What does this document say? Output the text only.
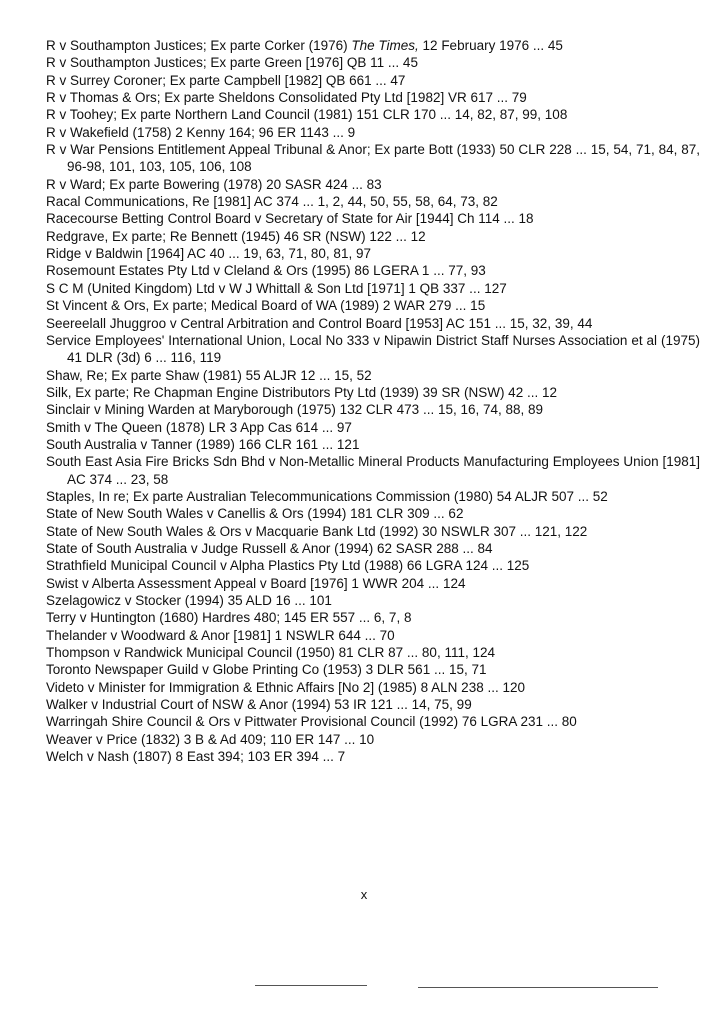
R v Southampton Justices; Ex parte Corker (1976) The Times, 12 February 1976 ... 45

R v Southampton Justices; Ex parte Green [1976] QB 11 ... 45

R v Surrey Coroner; Ex parte Campbell [1982] QB 661 ... 47

R v Thomas & Ors; Ex parte Sheldons Consolidated Pty Ltd [1982] VR 617 ... 79

R v Toohey; Ex parte Northern Land Council (1981) 151 CLR 170 ... 14, 82, 87, 99, 108

R v Wakefield (1758) 2 Kenny 164; 96 ER 1143 ... 9

R v War Pensions Entitlement Appeal Tribunal & Anor; Ex parte Bott (1933) 50 CLR 228 ... 15, 54, 71, 84, 87, 96-98, 101, 103, 105, 106, 108

R v Ward; Ex parte Bowering (1978) 20 SASR 424 ... 83

Racal Communications, Re [1981] AC 374 ... 1, 2, 44, 50, 55, 58, 64, 73, 82

Racecourse Betting Control Board v Secretary of State for Air [1944] Ch 114 ... 18

Redgrave, Ex parte; Re Bennett (1945) 46 SR (NSW) 122 ... 12

Ridge v Baldwin [1964] AC 40 ... 19, 63, 71, 80, 81, 97

Rosemount Estates Pty Ltd v Cleland & Ors (1995) 86 LGERA 1 ... 77, 93

S C M (United Kingdom) Ltd v W J Whittall & Son Ltd [1971] 1 QB 337 ... 127

St Vincent & Ors, Ex parte; Medical Board of WA (1989) 2 WAR 279 ... 15

Seereelall Jhuggroo v Central Arbitration and Control Board [1953] AC 151 ... 15, 32, 39, 44

Service Employees' International Union, Local No 333 v Nipawin District Staff Nurses Association et al (1975) 41 DLR (3d) 6 ... 116, 119

Shaw, Re; Ex parte Shaw (1981) 55 ALJR 12 ... 15, 52

Silk, Ex parte; Re Chapman Engine Distributors Pty Ltd (1939) 39 SR (NSW) 42 ... 12

Sinclair v Mining Warden at Maryborough (1975) 132 CLR 473 ... 15, 16, 74, 88, 89

Smith v The Queen (1878) LR 3 App Cas 614 ... 97

South Australia v Tanner (1989) 166 CLR 161 ... 121

South East Asia Fire Bricks Sdn Bhd v Non-Metallic Mineral Products Manufacturing Employees Union [1981] AC 374 ... 23, 58

Staples, In re; Ex parte Australian Telecommunications Commission (1980) 54 ALJR 507 ... 52

State of New South Wales v Canellis & Ors (1994) 181 CLR 309 ... 62

State of New South Wales & Ors v Macquarie Bank Ltd (1992) 30 NSWLR 307 ... 121, 122

State of South Australia v Judge Russell & Anor (1994) 62 SASR 288 ... 84

Strathfield Municipal Council v Alpha Plastics Pty Ltd (1988) 66 LGRA 124 ... 125

Swist v Alberta Assessment Appeal v Board [1976] 1 WWR 204 ... 124

Szelagowicz v Stocker (1994) 35 ALD 16 ... 101

Terry v Huntington (1680) Hardres 480; 145 ER 557 ... 6, 7, 8

Thelander v Woodward & Anor [1981] 1 NSWLR 644 ... 70

Thompson v Randwick Municipal Council (1950) 81 CLR 87 ... 80, 111, 124

Toronto Newspaper Guild v Globe Printing Co (1953) 3 DLR 561 ... 15, 71

Videto v Minister for Immigration & Ethnic Affairs [No 2] (1985) 8 ALN 238 ... 120

Walker v Industrial Court of NSW & Anor (1994) 53 IR 121 ... 14, 75, 99

Warringah Shire Council & Ors v Pittwater Provisional Council (1992) 76 LGRA 231 ... 80

Weaver v Price (1832) 3 B & Ad 409; 110 ER 147 ... 10

Welch v Nash (1807) 8 East 394; 103 ER 394 ... 7

x
